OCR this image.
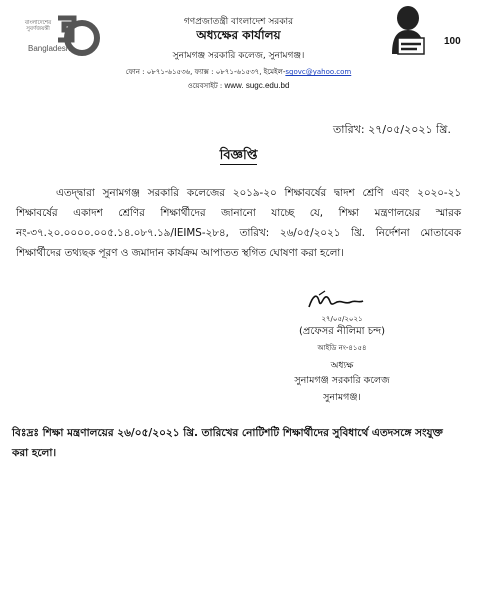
বাংলাদেশের সুবর্ণজয়ন্তী
Bangladesh
100
গণপ্রজাতন্ত্রী বাংলাদেশ সরকার
অধ্যক্ষের কার্যালয়
সুনামগঞ্জ সরকারি কলেজ, সুনামগঞ্জ।
ফোন : ০৮৭১-৬১৫৩৬, ফ্যাক্স : ০৮৭১-৬১৫৩৭, ইমেইল-sgovc@yahoo.com
ওয়েবসাইট : www. sugc.edu.bd
তারিখ: ২৭/০৫/২০২১ খ্রি.
বিজ্ঞপ্তি
এতদ্দ্বারা সুনামগঞ্জ সরকারি কলেজের ২০১৯-২০ শিক্ষাবর্ষের দ্বাদশ শ্রেণি এবং ২০২০-২১ শিক্ষাবর্ষের একাদশ শ্রেণির শিক্ষার্থীদের জানানো যাচ্ছে যে, শিক্ষা মন্ত্রণালয়ের স্মারক নং-৩৭.২০.০০০০.০০৫.১৪.০৮৭.১৯/IEIMS-২৮৪, তারিখ: ২৬/০৫/২০২১ খ্রি. নির্দেশনা মোতাবেক শিক্ষার্থীদের তথ্যছক পূরণ ও জমাদান কার্যক্রম আপাতত স্থগিত ঘোষণা করা হলো।
২৭/০৫/২০২১
(প্রফেসর নীলিমা চন্দ)
আইডি নং-৪১৫৪
অধ্যক্ষ
সুনামগঞ্জ সরকারি কলেজ
সুনামগঞ্জ।
বিঃদ্রঃ শিক্ষা মন্ত্রণালয়ের ২৬/০৫/২০২১ খ্রি. তারিখের নোটিশটি শিক্ষার্থীদের সুবিধার্থে এতদসঙ্গে সংযুক্ত করা হলো।
